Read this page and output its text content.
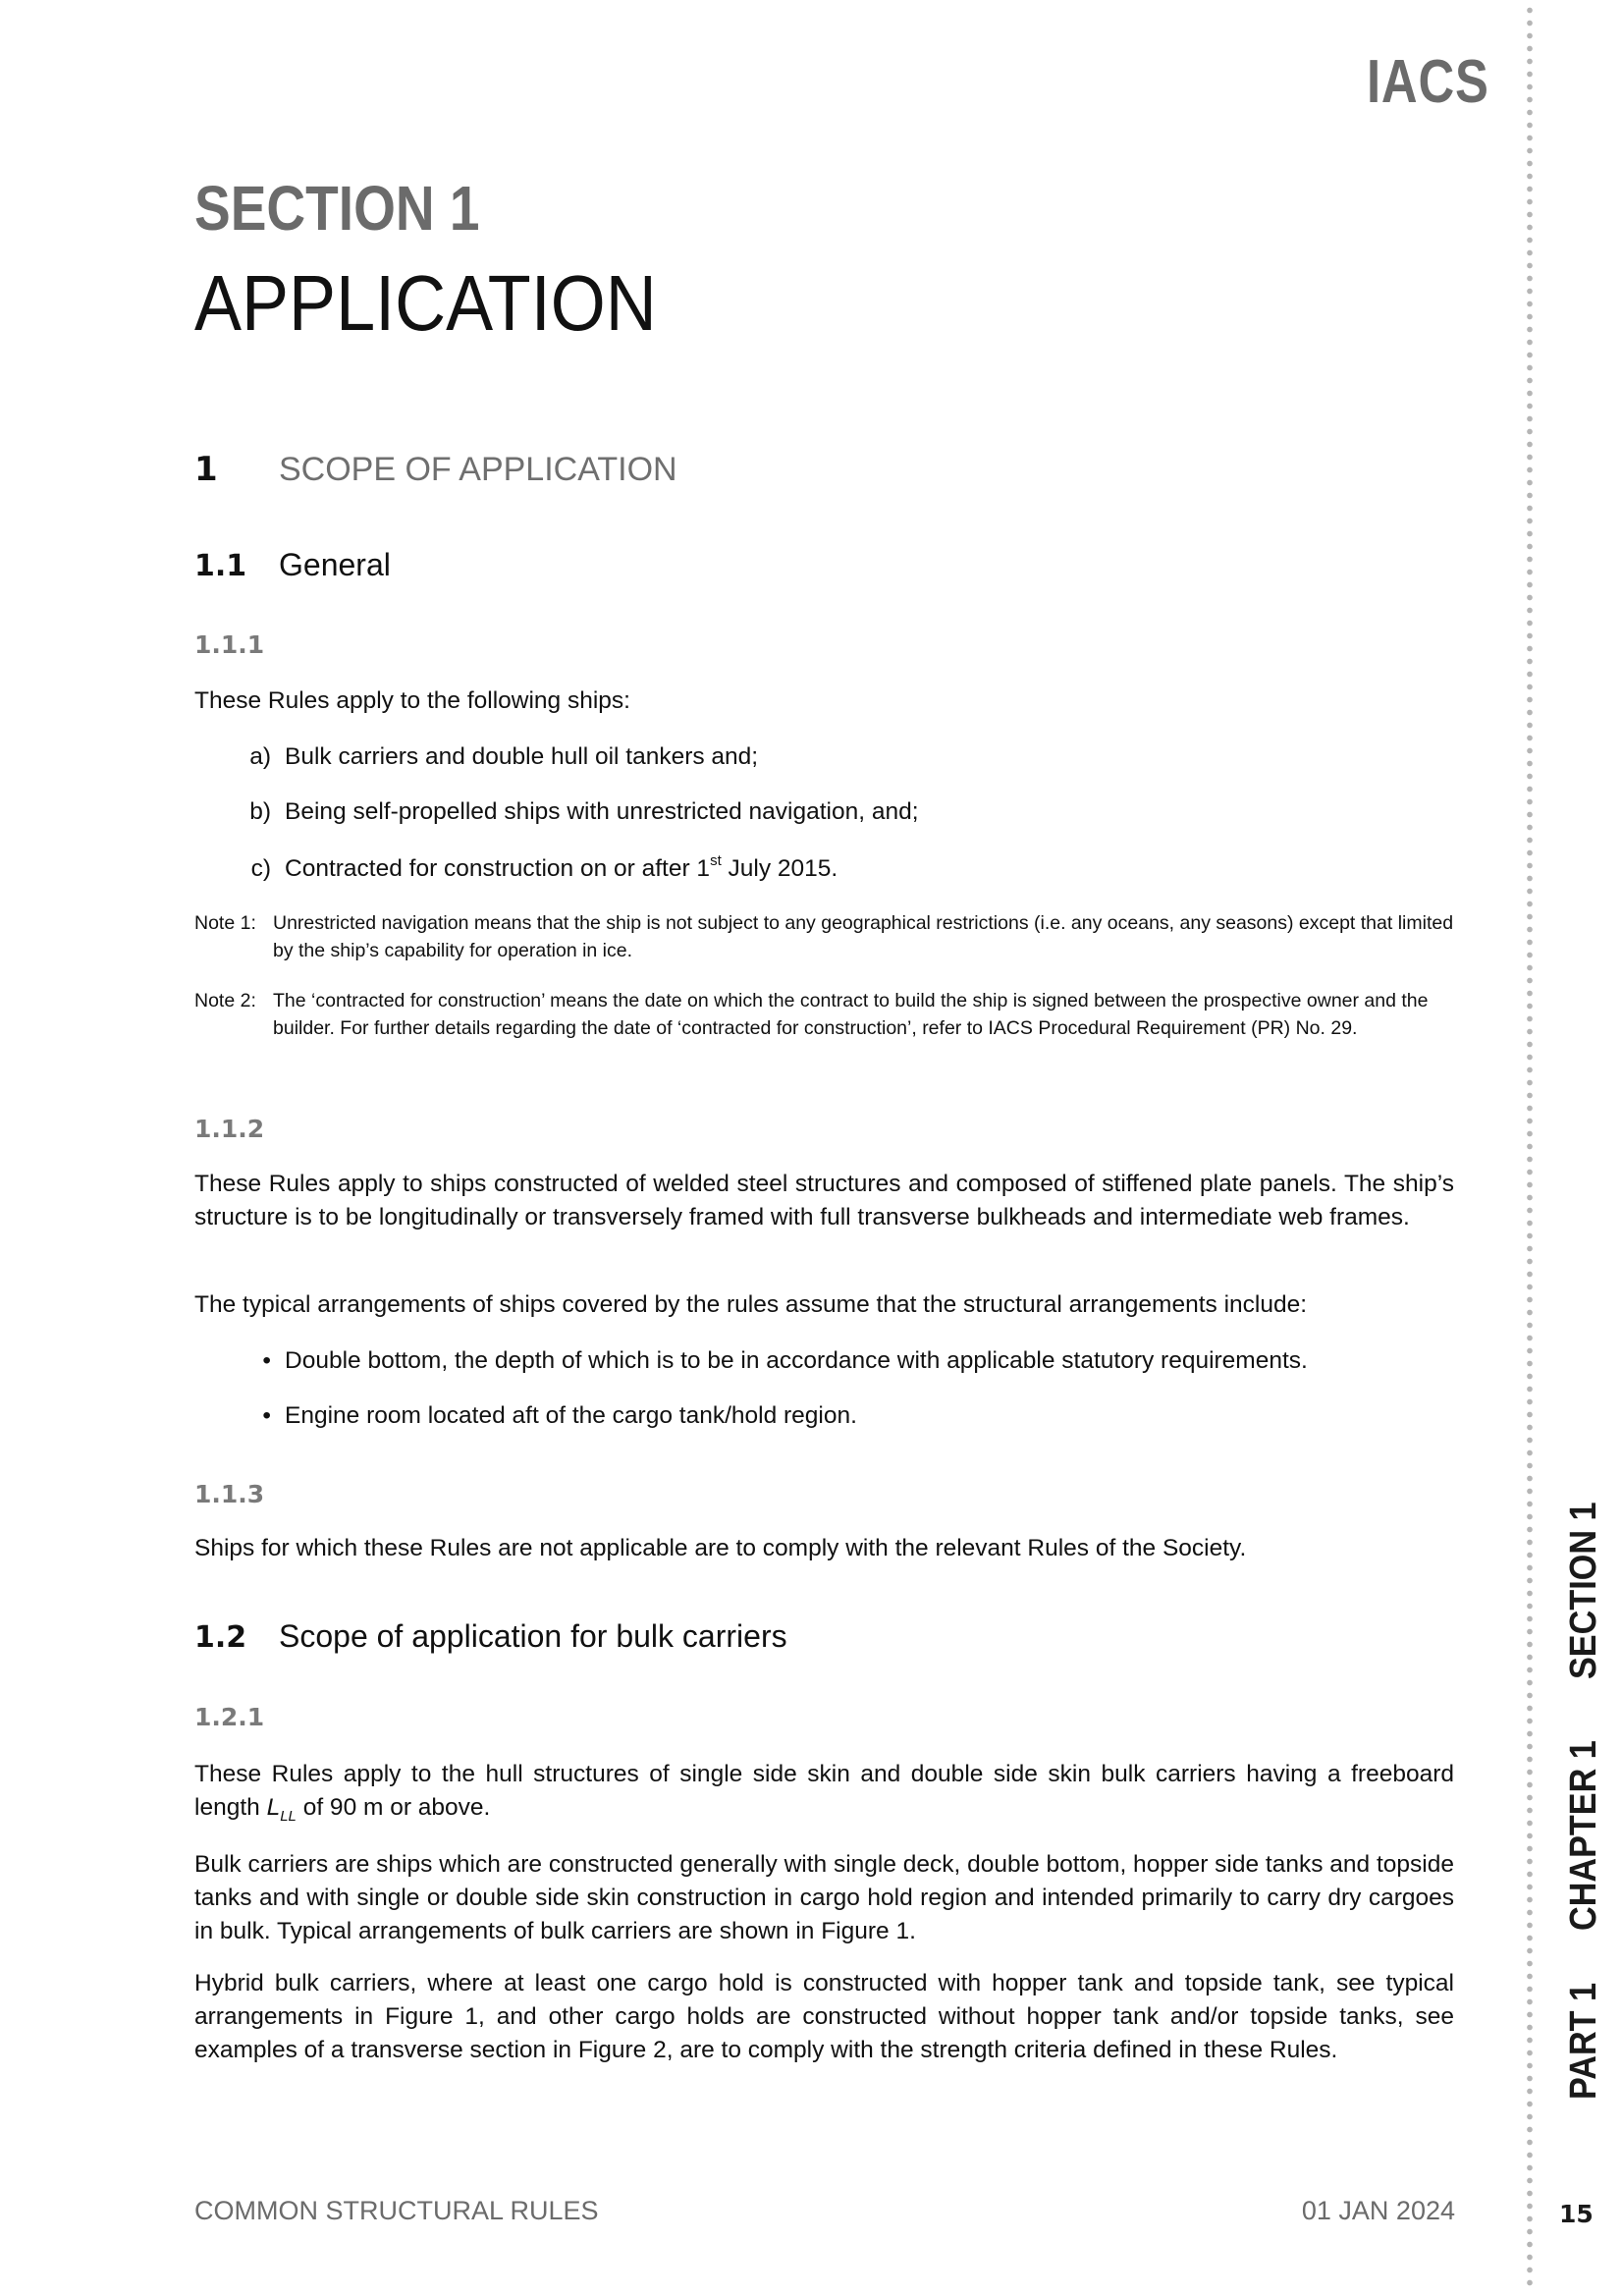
IACS
PART 1
CHAPTER 1
SECTION 1
15
SECTION 1
APPLICATION
1 SCOPE OF APPLICATION
1.1 General
1.1.1
These Rules apply to the following ships:
a) Bulk carriers and double hull oil tankers and;
b) Being self-propelled ships with unrestricted navigation, and;
c) Contracted for construction on or after 1st July 2015.
Note 1: Unrestricted navigation means that the ship is not subject to any geographical restrictions (i.e. any oceans, any seasons) except that limited by the ship’s capability for operation in ice.
Note 2: The ‘contracted for construction’ means the date on which the contract to build the ship is signed between the prospective owner and the builder. For further details regarding the date of ‘contracted for construction’, refer to IACS Procedural Requirement (PR) No. 29.
1.1.2
These Rules apply to ships constructed of welded steel structures and composed of stiffened plate panels. The ship’s structure is to be longitudinally or transversely framed with full transverse bulkheads and intermediate web frames.
The typical arrangements of ships covered by the rules assume that the structural arrangements include:
• Double bottom, the depth of which is to be in accordance with applicable statutory requirements.
• Engine room located aft of the cargo tank/hold region.
1.1.3
Ships for which these Rules are not applicable are to comply with the relevant Rules of the Society.
1.2 Scope of application for bulk carriers
1.2.1
These Rules apply to the hull structures of single side skin and double side skin bulk carriers having a freeboard length $L_{LL}$ of 90 m or above.
Bulk carriers are ships which are constructed generally with single deck, double bottom, hopper side tanks and topside tanks and with single or double side skin construction in cargo hold region and intended primarily to carry dry cargoes in bulk. Typical arrangements of bulk carriers are shown in Figure 1.
Hybrid bulk carriers, where at least one cargo hold is constructed with hopper tank and topside tank, see typical arrangements in Figure 1, and other cargo holds are constructed without hopper tank and/or topside tanks, see examples of a transverse section in Figure 2, are to comply with the strength criteria defined in these Rules.
COMMON STRUCTURAL RULES	01 JAN 2024
